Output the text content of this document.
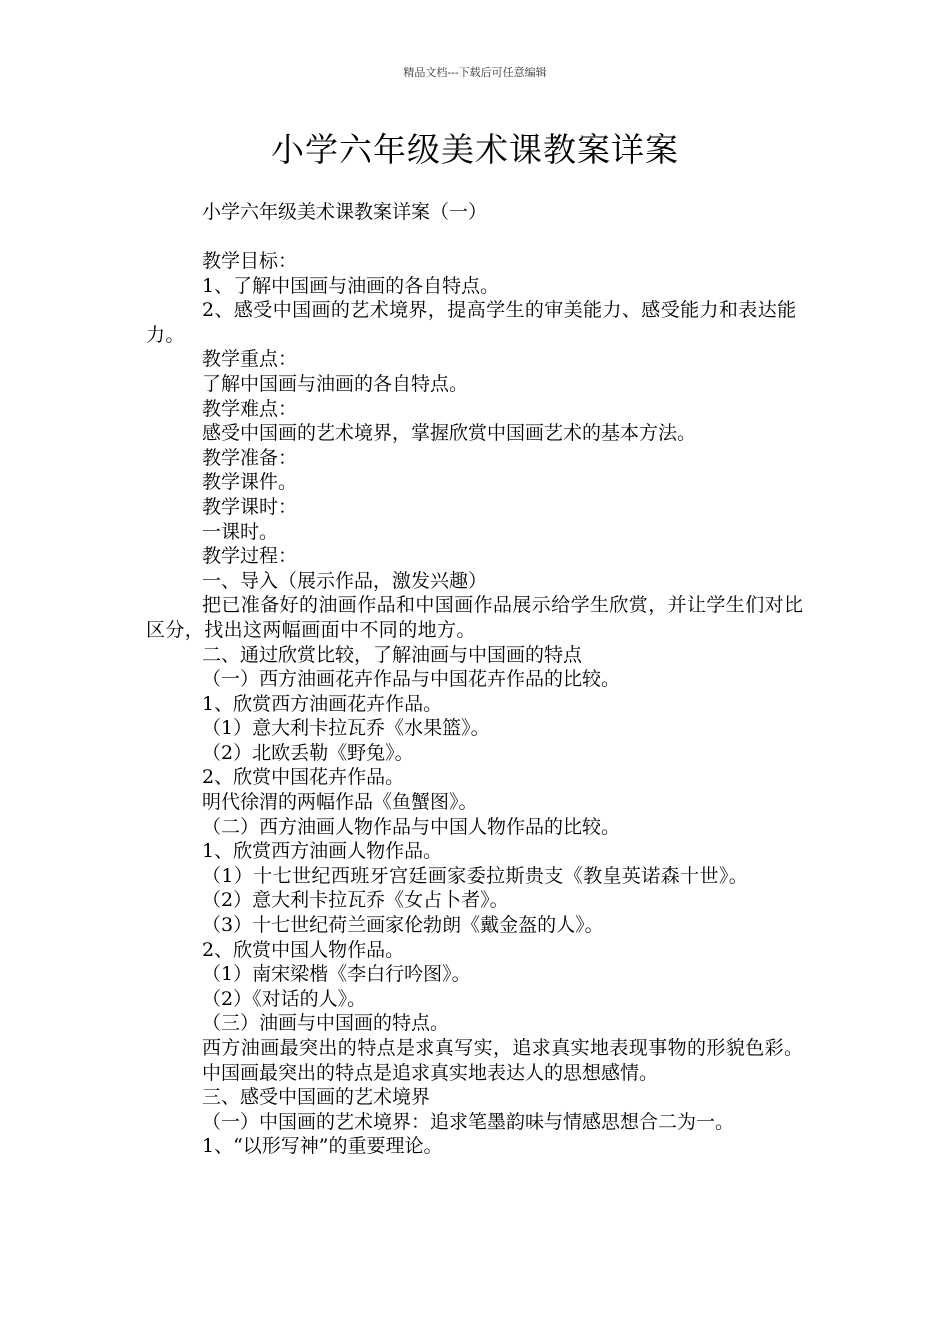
精品文档---下载后可任意编辑
小学六年级美术课教案详案
小学六年级美术课教案详案（一）

教学目标：

1、了解中国画与油画的各自特点。

2、感受中国画的艺术境界，提高学生的审美能力、感受能力和表达能力。

教学重点：

了解中国画与油画的各自特点。

教学难点：

感受中国画的艺术境界，掌握欣赏中国画艺术的基本方法。

教学准备：

教学课件。

教学课时：

一课时。

教学过程：

一、导入（展示作品，激发兴趣）

把已准备好的油画作品和中国画作品展示给学生欣赏，并让学生们对比区分，找出这两幅画面中不同的地方。

二、通过欣赏比较，了解油画与中国画的特点

（一）西方油画花卉作品与中国花卉作品的比较。

1、欣赏西方油画花卉作品。

（1）意大利卡拉瓦乔《水果篮》。

（2）北欧丢勒《野兔》。

2、欣赏中国花卉作品。

明代徐渭的两幅作品《鱼蟹图》。

（二）西方油画人物作品与中国人物作品的比较。

1、欣赏西方油画人物作品。

（1）十七世纪西班牙宫廷画家委拉斯贵支《教皇英诺森十世》。

（2）意大利卡拉瓦乔《女占卜者》。

（3）十七世纪荷兰画家伦勃朗《戴金盔的人》。

2、欣赏中国人物作品。

（1）南宋梁楷《李白行吟图》。

（2）《对话的人》。

（三）油画与中国画的特点。

西方油画最突出的特点是求真写实，追求真实地表现事物的形貌色彩。

中国画最突出的特点是追求真实地表达人的思想感情。

三、感受中国画的艺术境界

（一）中国画的艺术境界：追求笔墨韵味与情感思想合二为一。

1、“以形写神”的重要理论。
